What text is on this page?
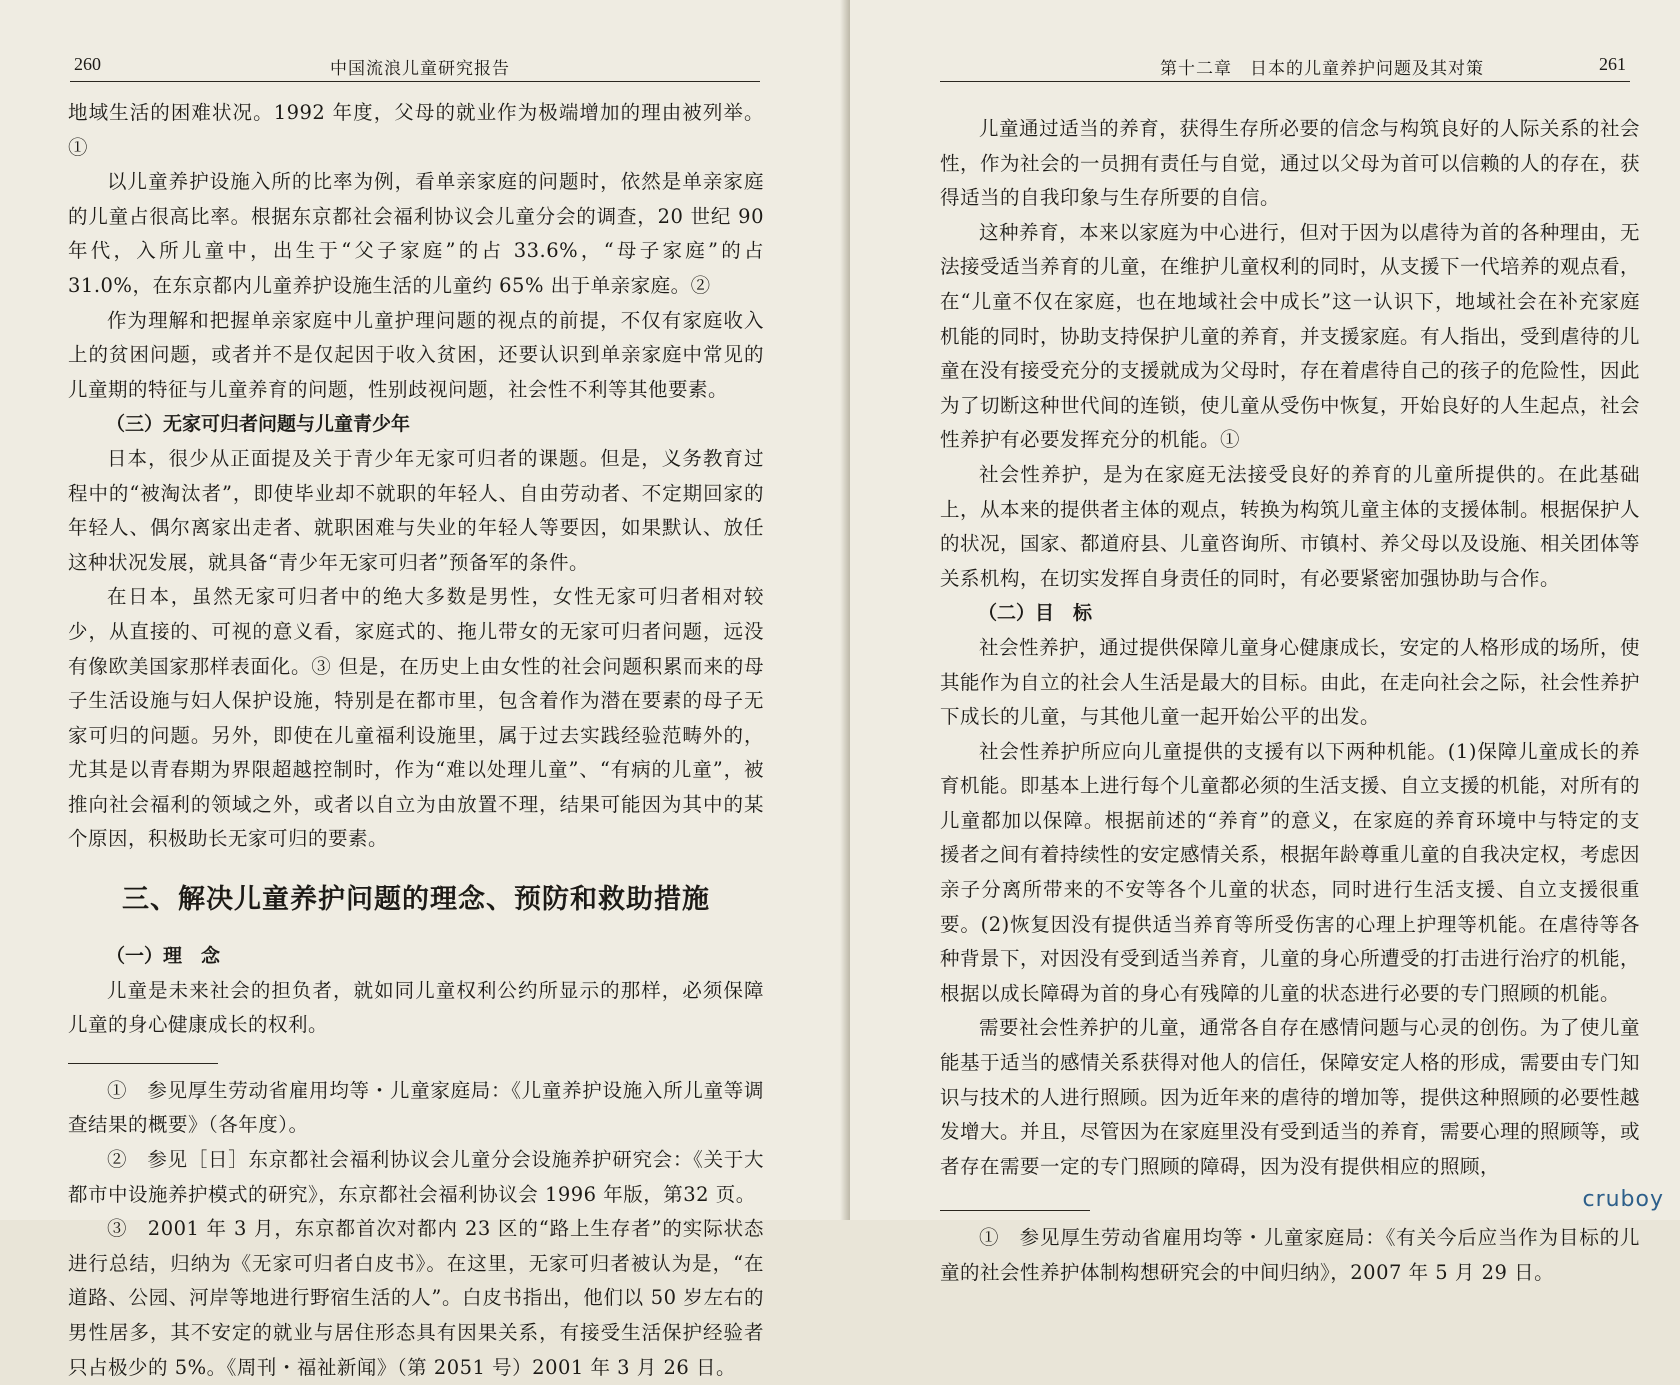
260	中国流浪儿童研究报告

地域生活的困难状况。1992 年度，父母的就业作为极端增加的理由被列举。①

以儿童养护设施入所的比率为例，看单亲家庭的问题时，依然是单亲家庭的儿童占很高比率。根据东京都社会福利协议会儿童分会的调查，20 世纪 90 年代，入所儿童中，出生于“父子家庭”的占 33.6%，“母子家庭”的占 31.0%，在东京都内儿童养护设施生活的儿童约 65% 出于单亲家庭。②

作为理解和把握单亲家庭中儿童护理问题的视点的前提，不仅有家庭收入上的贫困问题，或者并不是仅起因于收入贫困，还要认识到单亲家庭中常见的儿童期的特征与儿童养育的问题，性别歧视问题，社会性不利等其他要素。

（三）无家可归者问题与儿童青少年

日本，很少从正面提及关于青少年无家可归者的课题。但是，义务教育过程中的“被淘汰者”，即使毕业却不就职的年轻人、自由劳动者、不定期回家的年轻人、偶尔离家出走者、就职困难与失业的年轻人等要因，如果默认、放任这种状况发展，就具备“青少年无家可归者”预备军的条件。

在日本，虽然无家可归者中的绝大多数是男性，女性无家可归者相对较少，从直接的、可视的意义看，家庭式的、拖儿带女的无家可归者问题，远没有像欧美国家那样表面化。③ 但是，在历史上由女性的社会问题积累而来的母子生活设施与妇人保护设施，特别是在都市里，包含着作为潜在要素的母子无家可归的问题。另外，即使在儿童福利设施里，属于过去实践经验范畴外的，尤其是以青春期为界限超越控制时，作为“难以处理儿童”、“有病的儿童”，被推向社会福利的领域之外，或者以自立为由放置不理，结果可能因为其中的某个原因，积极助长无家可归的要素。

三、解决儿童养护问题的理念、预防和救助措施
（一）理　念

儿童是未来社会的担负者，就如同儿童权利公约所显示的那样，必须保障儿童的身心健康成长的权利。

①　参见厚生劳动省雇用均等・儿童家庭局：《儿童养护设施入所儿童等调查结果的概要》（各年度）。

②　参见［日］东京都社会福利协议会儿童分会设施养护研究会：《关于大都市中设施养护模式的研究》，东京都社会福利协议会 1996 年版，第32 页。

③　2001 年 3 月，东京都首次对都内 23 区的“路上生存者”的实际状态进行总结，归纳为《无家可归者白皮书》。在这里，无家可归者被认为是，“在道路、公园、河岸等地进行野宿生活的人”。白皮书指出，他们以 50 岁左右的男性居多，其不安定的就业与居住形态具有因果关系，有接受生活保护经验者只占极少的 5%。《周刊・福祉新闻》（第 2051 号）2001 年 3 月 26 日。

第十二章　日本的儿童养护问题及其对策	261

儿童通过适当的养育，获得生存所必要的信念与构筑良好的人际关系的社会性，作为社会的一员拥有责任与自觉，通过以父母为首可以信赖的人的存在，获得适当的自我印象与生存所要的自信。

这种养育，本来以家庭为中心进行，但对于因为以虐待为首的各种理由，无法接受适当养育的儿童，在维护儿童权利的同时，从支援下一代培养的观点看，在“儿童不仅在家庭，也在地域社会中成长”这一认识下，地域社会在补充家庭机能的同时，协助支持保护儿童的养育，并支援家庭。有人指出，受到虐待的儿童在没有接受充分的支援就成为父母时，存在着虐待自己的孩子的危险性，因此为了切断这种世代间的连锁，使儿童从受伤中恢复，开始良好的人生起点，社会性养护有必要发挥充分的机能。①

社会性养护，是为在家庭无法接受良好的养育的儿童所提供的。在此基础上，从本来的提供者主体的观点，转换为构筑儿童主体的支援体制。根据保护人的状况，国家、都道府县、儿童咨询所、市镇村、养父母以及设施、相关团体等关系机构，在切实发挥自身责任的同时，有必要紧密加强协助与合作。

（二）目　标

社会性养护，通过提供保障儿童身心健康成长，安定的人格形成的场所，使其能作为自立的社会人生活是最大的目标。由此，在走向社会之际，社会性养护下成长的儿童，与其他儿童一起开始公平的出发。

社会性养护所应向儿童提供的支援有以下两种机能。(1)保障儿童成长的养育机能。即基本上进行每个儿童都必须的生活支援、自立支援的机能，对所有的儿童都加以保障。根据前述的“养育”的意义，在家庭的养育环境中与特定的支援者之间有着持续性的安定感情关系，根据年龄尊重儿童的自我决定权，考虑因亲子分离所带来的不安等各个儿童的状态，同时进行生活支援、自立支援很重要。(2)恢复因没有提供适当养育等所受伤害的心理上护理等机能。在虐待等各种背景下，对因没有受到适当养育，儿童的身心所遭受的打击进行治疗的机能，根据以成长障碍为首的身心有残障的儿童的状态进行必要的专门照顾的机能。

需要社会性养护的儿童，通常各自存在感情问题与心灵的创伤。为了使儿童能基于适当的感情关系获得对他人的信任，保障安定人格的形成，需要由专门知识与技术的人进行照顾。因为近年来的虐待的增加等，提供这种照顾的必要性越发增大。并且，尽管因为在家庭里没有受到适当的养育，需要心理的照顾等，或者存在需要一定的专门照顾的障碍，因为没有提供相应的照顾，

①　参见厚生劳动省雇用均等・儿童家庭局：《有关今后应当作为目标的儿童的社会性养护体制构想研究会的中间归纳》，2007 年 5 月 29 日。

cruboy
